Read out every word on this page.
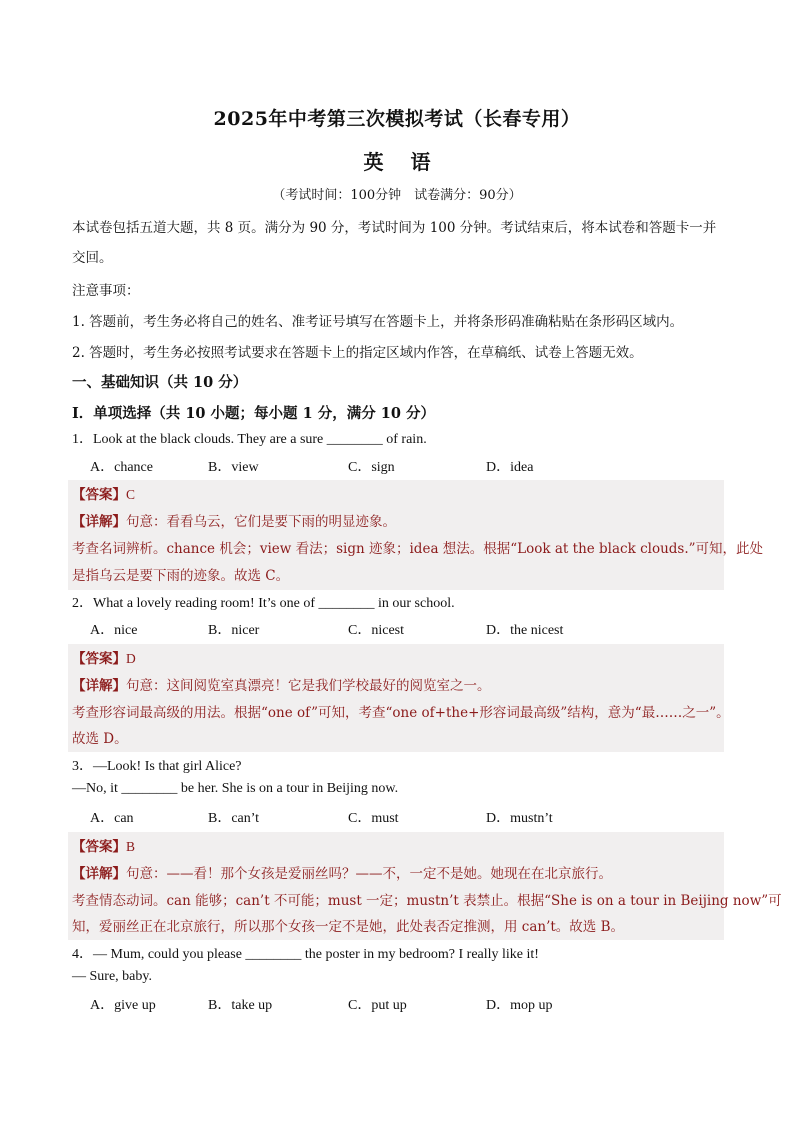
2025年中考第三次模拟考试（长春专用）
英 语
（考试时间：100分钟　试卷满分：90分）
本试卷包括五道大题，共 8 页。满分为 90 分，考试时间为 100 分钟。考试结束后，将本试卷和答题卡一并
交回。
注意事项：
1. 答题前，考生务必将自己的姓名、准考证号填写在答题卡上，并将条形码准确粘贴在条形码区域内。
2. 答题时，考生务必按照考试要求在答题卡上的指定区域内作答，在草稿纸、试卷上答题无效。
一、基础知识（共 10 分）
Ⅰ．单项选择（共 10 小题；每小题 1 分，满分 10 分）
1．Look at the black clouds. They are a sure ________ of rain.
A．chance	B．view	C．sign	D．idea
【答案】C
【详解】句意：看看乌云，它们是要下雨的明显迹象。
考查名词辨析。chance 机会；view 看法；sign 迹象；idea 想法。根据“Look at the black clouds.”可知，此处
是指乌云是要下雨的迹象。故选 C。
2．What a lovely reading room! It’s one of ________ in our school.
A．nice	B．nicer	C．nicest	D．the nicest
【答案】D
【详解】句意：这间阅览室真漂亮！它是我们学校最好的阅览室之一。
考查形容词最高级的用法。根据“one of”可知，考查“one of+the+形容词最高级”结构，意为“最……之一”。
故选 D。
3．—Look! Is that girl Alice?
—No, it ________ be her. She is on a tour in Beijing now.
A．can	B．can’t	C．must	D．mustn’t
【答案】B
【详解】句意：——看！那个女孩是爱丽丝吗？——不，一定不是她。她现在在北京旅行。
考查情态动词。can 能够；can’t 不可能；must 一定；mustn’t 表禁止。根据“She is on a tour in Beijing now”可
知，爱丽丝正在北京旅行，所以那个女孩一定不是她，此处表否定推测，用 can’t。故选 B。
4．— Mum, could you please ________ the poster in my bedroom? I really like it!
— Sure, baby.
A．give up	B．take up	C．put up	D．mop up
